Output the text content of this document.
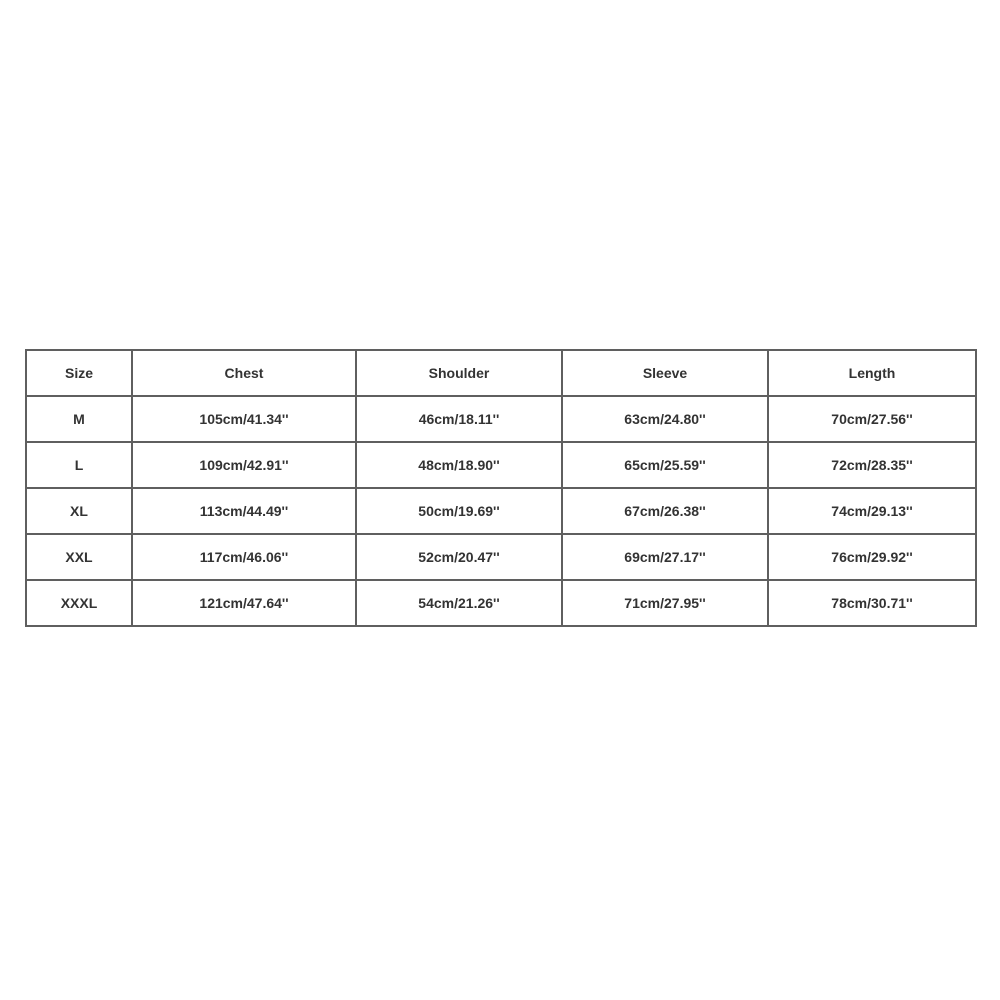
Size	Chest	Shoulder	Sleeve	Length
M	105cm/41.34''	46cm/18.11''	63cm/24.80''	70cm/27.56''
L	109cm/42.91''	48cm/18.90''	65cm/25.59''	72cm/28.35''
XL	113cm/44.49''	50cm/19.69''	67cm/26.38''	74cm/29.13''
XXL	117cm/46.06''	52cm/20.47''	69cm/27.17''	76cm/29.92''
XXXL	121cm/47.64''	54cm/21.26''	71cm/27.95''	78cm/30.71''
